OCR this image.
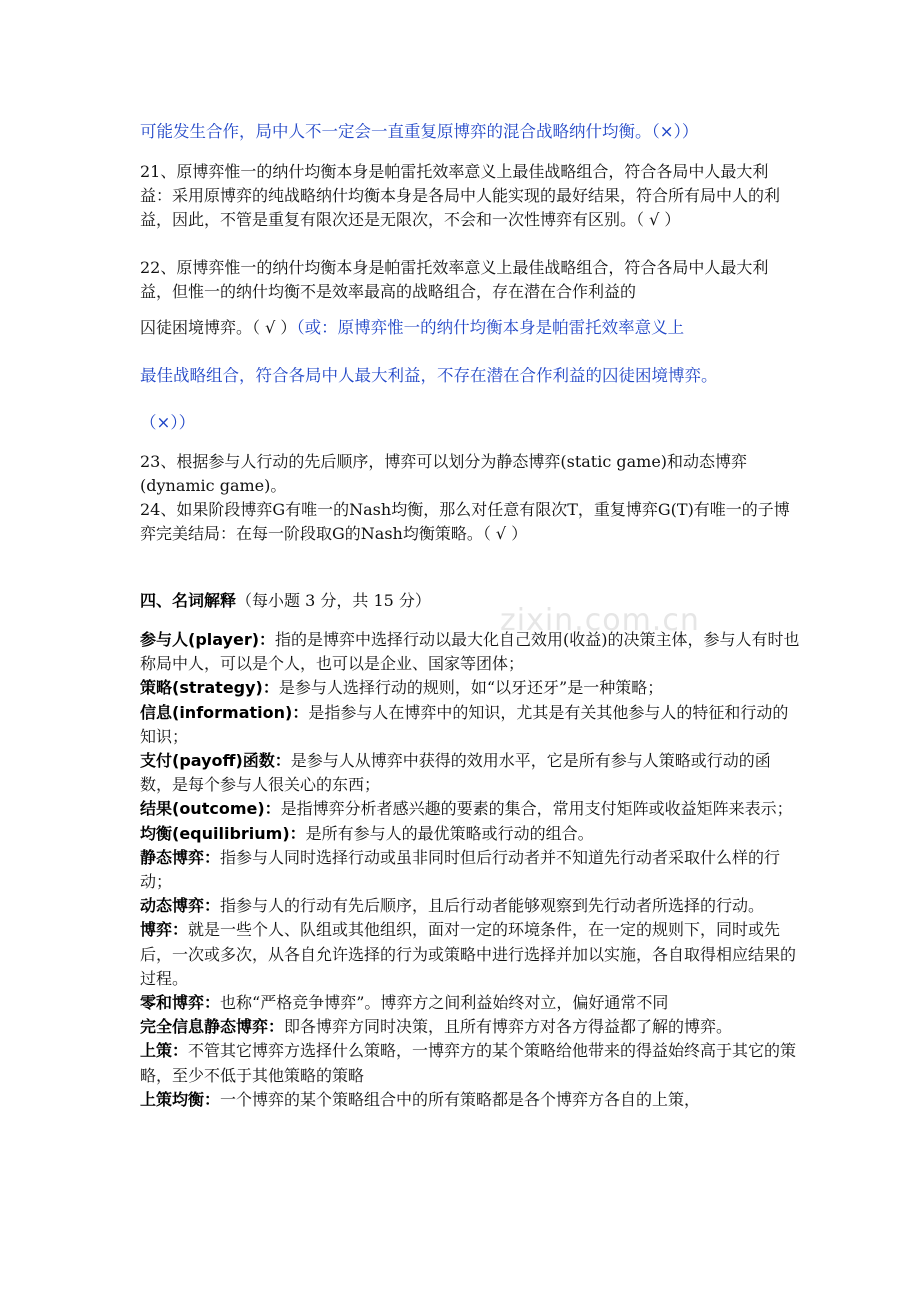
可能发生合作，局中人不一定会一直重复原博弈的混合战略纳什均衡。（×））

21、原博弈惟一的纳什均衡本身是帕雷托效率意义上最佳战略组合，符合各局中人最大利益：采用原博弈的纯战略纳什均衡本身是各局中人能实现的最好结果，符合所有局中人的利益，因此，不管是重复有限次还是无限次，不会和一次性博弈有区别。（ √ ）

22、原博弈惟一的纳什均衡本身是帕雷托效率意义上最佳战略组合，符合各局中人最大利益，但惟一的纳什均衡不是效率最高的战略组合，存在潜在合作利益的

囚徒困境博弈。（ √ ）（或：原博弈惟一的纳什均衡本身是帕雷托效率意义上
最佳战略组合，符合各局中人最大利益，不存在潜在合作利益的囚徒困境博弈。
（×））

23、根据参与人行动的先后顺序，博弈可以划分为静态博弈(static game)和动态博弈(dynamic game)。

24、如果阶段博弈G有唯一的Nash均衡，那么对任意有限次T，重复博弈G(T)有唯一的子博弈完美结局：在每一阶段取G的Nash均衡策略。（ √ ）

四、名词解释（每小题 3 分，共 15 分）
zixin.com.cn

参与人(player)：指的是博弈中选择行动以最大化自己效用(收益)的决策主体，参与人有时也称局中人，可以是个人，也可以是企业、国家等团体；

策略(strategy)：是参与人选择行动的规则，如“以牙还牙”是一种策略；

信息(information)：是指参与人在博弈中的知识，尤其是有关其他参与人的特征和行动的知识；

支付(payoff)函数：是参与人从博弈中获得的效用水平，它是所有参与人策略或行动的函数，是每个参与人很关心的东西；

结果(outcome)：是指博弈分析者感兴趣的要素的集合，常用支付矩阵或收益矩阵来表示；

均衡(equilibrium)：是所有参与人的最优策略或行动的组合。

静态博弈：指参与人同时选择行动或虽非同时但后行动者并不知道先行动者采取什么样的行动；

动态博弈：指参与人的行动有先后顺序，且后行动者能够观察到先行动者所选择的行动。

博弈：就是一些个人、队组或其他组织，面对一定的环境条件，在一定的规则下，同时或先后，一次或多次，从各自允许选择的行为或策略中进行选择并加以实施，各自取得相应结果的过程。

零和博弈：也称“严格竞争博弈”。博弈方之间利益始终对立，偏好通常不同

完全信息静态博弈：即各博弈方同时决策，且所有博弈方对各方得益都了解的博弈。

上策：不管其它博弈方选择什么策略，一博弈方的某个策略给他带来的得益始终高于其它的策略，至少不低于其他策略的策略

上策均衡：一个博弈的某个策略组合中的所有策略都是各个博弈方各自的上策，
